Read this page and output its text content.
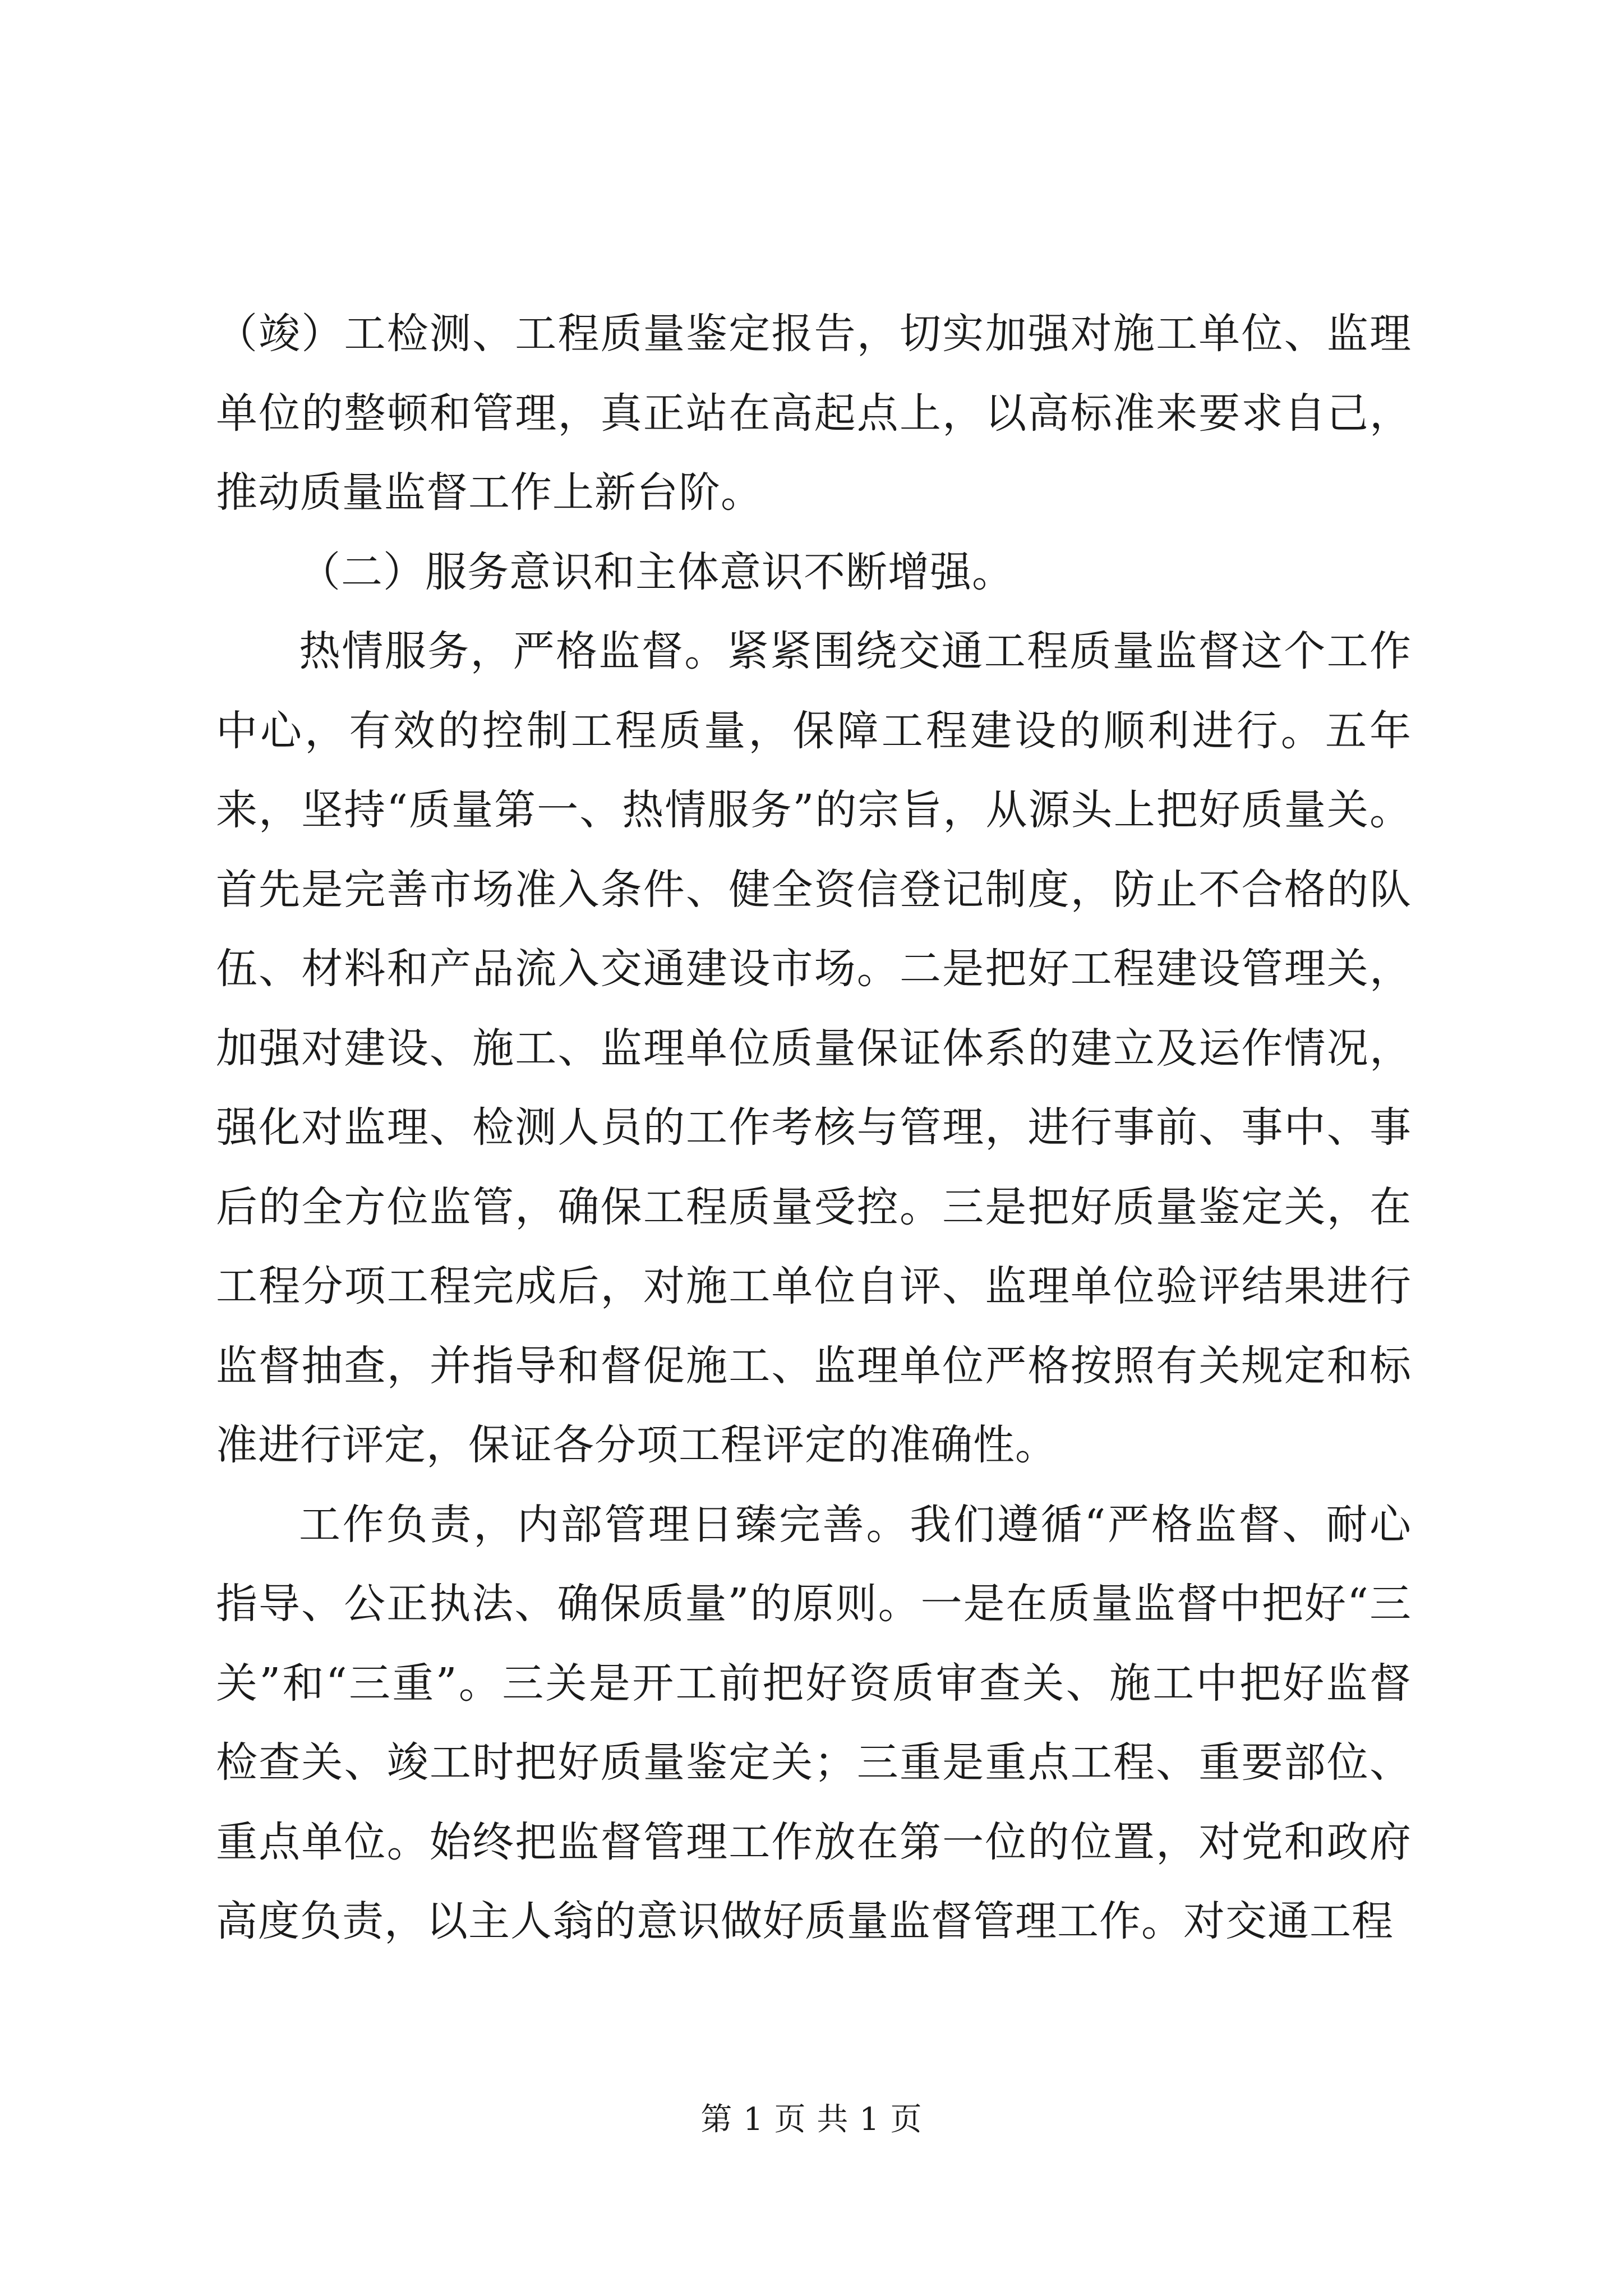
（竣）工检测、工程质量鉴定报告，切实加强对施工单位、监理单位的整顿和管理，真正站在高起点上，以高标准来要求自己，推动质量监督工作上新台阶。

（二）服务意识和主体意识不断增强。

热情服务，严格监督。紧紧围绕交通工程质量监督这个工作中心，有效的控制工程质量，保障工程建设的顺利进行。五年来，坚持“质量第一、热情服务”的宗旨，从源头上把好质量关。首先是完善市场准入条件、健全资信登记制度，防止不合格的队伍、材料和产品流入交通建设市场。二是把好工程建设管理关，加强对建设、施工、监理单位质量保证体系的建立及运作情况，强化对监理、检测人员的工作考核与管理，进行事前、事中、事后的全方位监管，确保工程质量受控。三是把好质量鉴定关，在工程分项工程完成后，对施工单位自评、监理单位验评结果进行监督抽查，并指导和督促施工、监理单位严格按照有关规定和标准进行评定，保证各分项工程评定的准确性。

工作负责，内部管理日臻完善。我们遵循“严格监督、耐心指导、公正执法、确保质量”的原则。一是在质量监督中把好“三关”和“三重”。三关是开工前把好资质审查关、施工中把好监督检查关、竣工时把好质量鉴定关；三重是重点工程、重要部位、重点单位。始终把监督管理工作放在第一位的位置，对党和政府高度负责，以主人翁的意识做好质量监督管理工作。对交通工程

第 1 页 共 1 页
